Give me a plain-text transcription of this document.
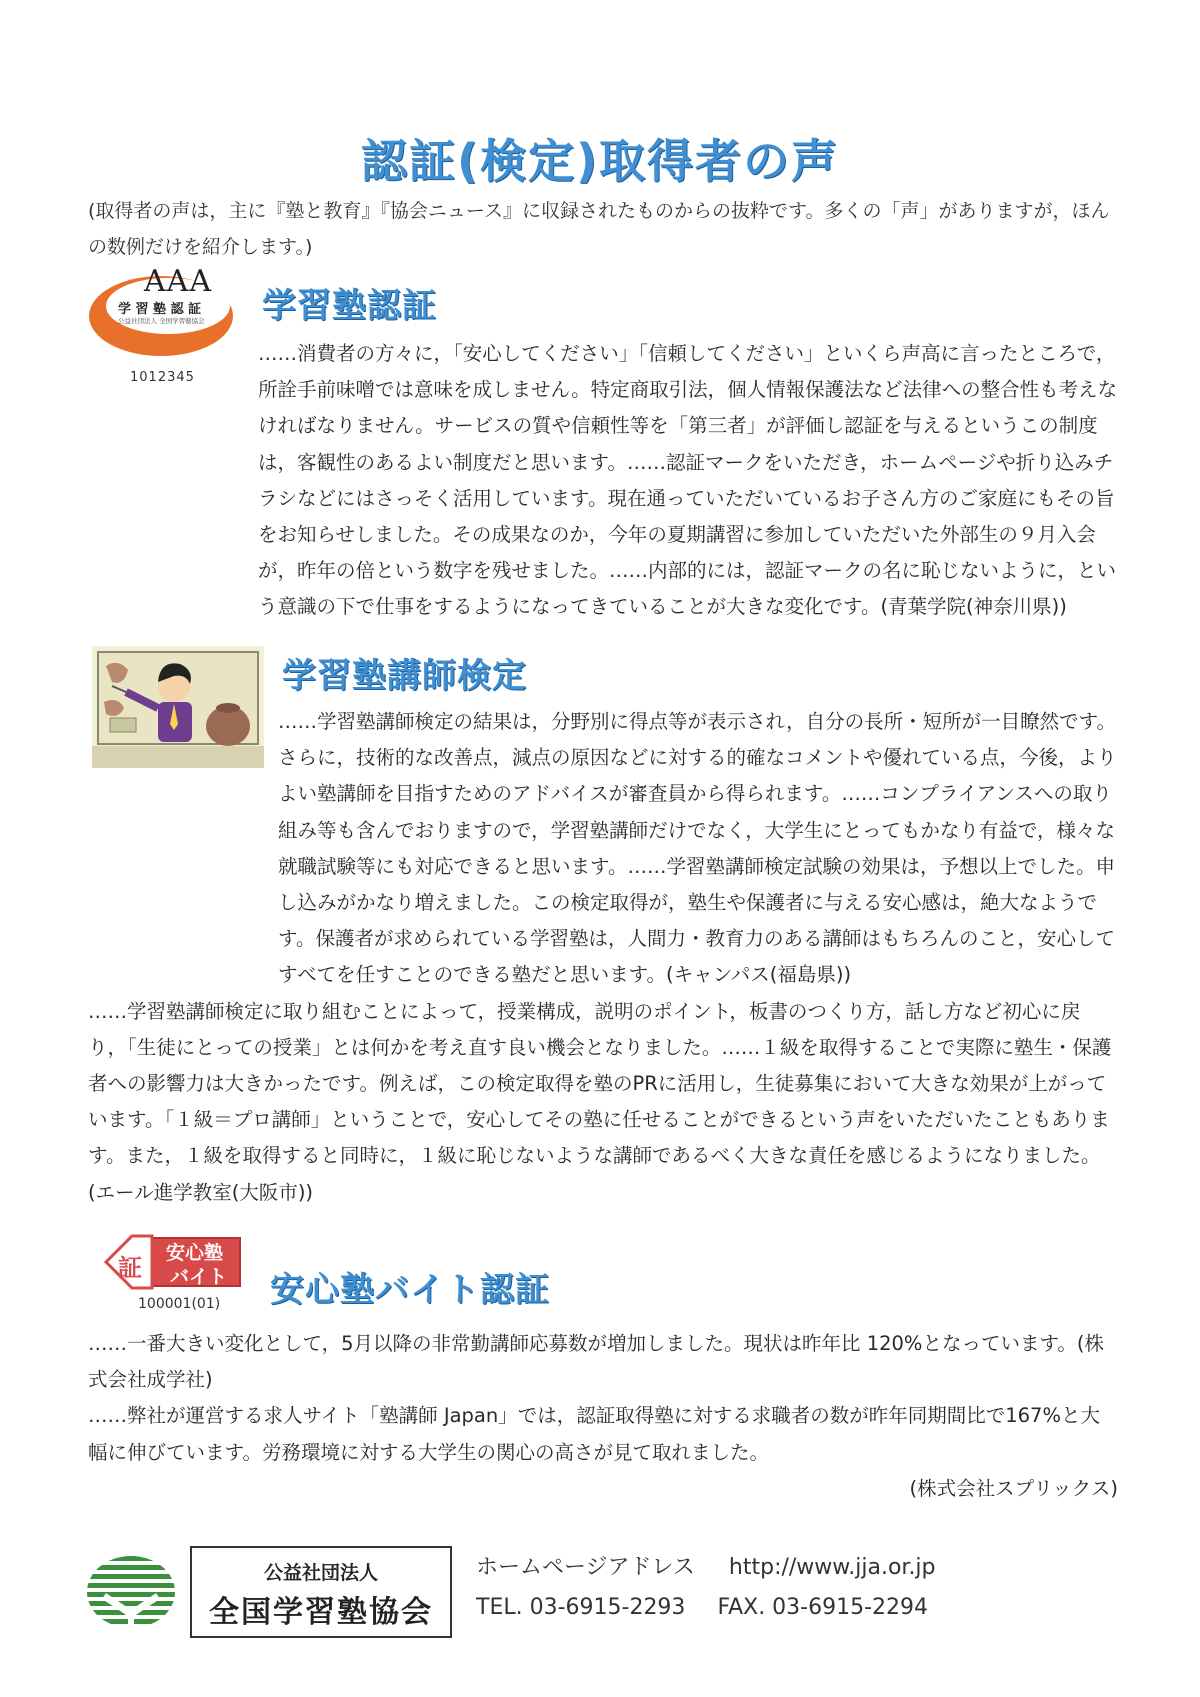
認証(検定)取得者の声
(取得者の声は，主に『塾と教育』『協会ニュース』に収録されたものからの抜粋です。多くの「声」がありますが，ほんの数例だけを紹介します。)
AAA
学 習 塾 認 証
公益社団法人 全国学習塾協会
1012345
学習塾認証

……消費者の方々に，「安心してください」「信頼してください」といくら声高に言ったところで，所詮手前味噌では意味を成しません。特定商取引法，個人情報保護法など法律への整合性も考えなければなりません。サービスの質や信頼性等を「第三者」が評価し認証を与えるというこの制度は，客観性のあるよい制度だと思います。……認証マークをいただき，ホームページや折り込みチラシなどにはさっそく活用しています。現在通っていただいているお子さん方のご家庭にもその旨をお知らせしました。その成果なのか，今年の夏期講習に参加していただいた外部生の９月入会が，昨年の倍という数字を残せました。……内部的には，認証マークの名に恥じないように，という意識の下で仕事をするようになってきていることが大きな変化です。(青葉学院(神奈川県))

学習塾講師検定

……学習塾講師検定の結果は，分野別に得点等が表示され，自分の長所・短所が一目瞭然です。さらに，技術的な改善点，減点の原因などに対する的確なコメントや優れている点，今後，よりよい塾講師を目指すためのアドバイスが審査員から得られます。……コンプライアンスへの取り組み等も含んでおりますので，学習塾講師だけでなく，大学生にとってもかなり有益で，様々な就職試験等にも対応できると思います。……学習塾講師検定試験の効果は，予想以上でした。申し込みがかなり増えました。この検定取得が，塾生や保護者に与える安心感は，絶大なようです。保護者が求められている学習塾は，人間力・教育力のある講師はもちろんのこと，安心してすべてを任すことのできる塾だと思います。(キャンパス(福島県))

……学習塾講師検定に取り組むことによって，授業構成，説明のポイント，板書のつくり方，話し方など初心に戻り，「生徒にとっての授業」とは何かを考え直す良い機会となりました。……１級を取得することで実際に塾生・保護者への影響力は大きかったです。例えば，この検定取得を塾のPRに活用し，生徒募集において大きな効果が上がっています。「１級＝プロ講師」ということで，安心してその塾に任せることができるという声をいただいたこともあります。また，１級を取得すると同時に，１級に恥じないような講師であるべく大きな責任を感じるようになりました。(エール進学教室(大阪市))

証
安心塾
バイト
100001(01) 安心塾バイト認証

……一番大きい変化として，5月以降の非常勤講師応募数が増加しました。現状は昨年比 120%となっています。(株式会社成学社)

……弊社が運営する求人サイト「塾講師 Japan」では，認証取得塾に対する求職者の数が昨年同期間比で167%と大幅に伸びています。労務環境に対する大学生の関心の高さが見て取れました。

(株式会社スプリックス)

公益社団法人
全国学習塾協会
ホームページアドレス http://www.jja.or.jp
TEL. 03-6915-2293 FAX. 03-6915-2294
